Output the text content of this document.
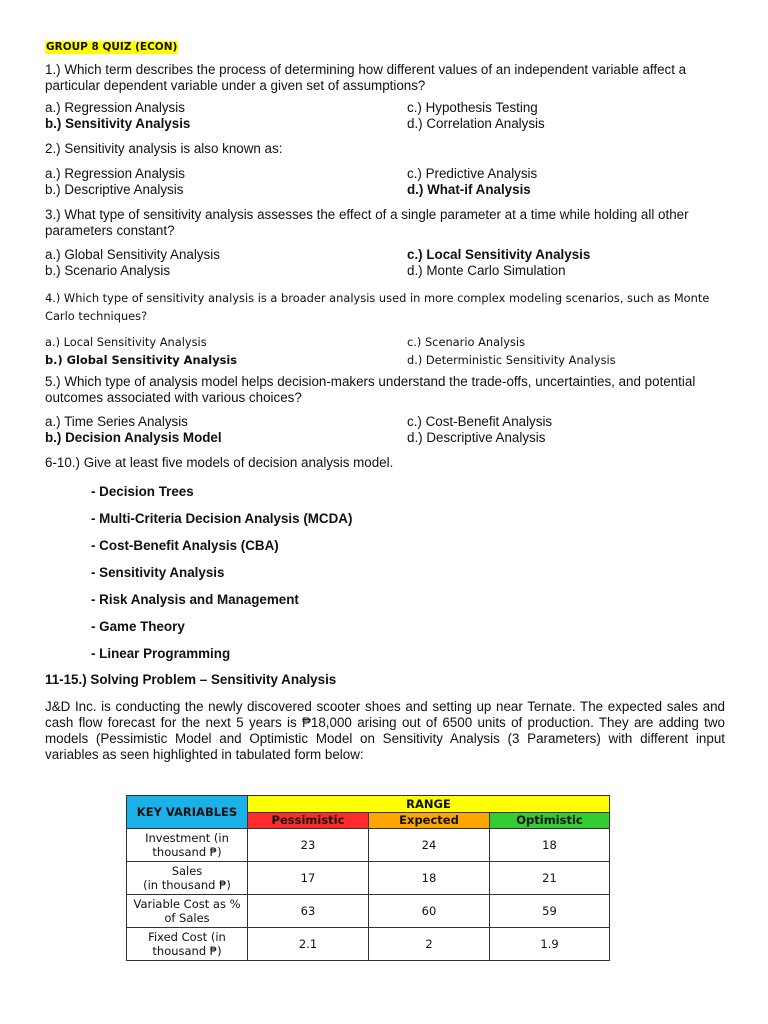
GROUP 8 QUIZ (ECON)

1.) Which term describes the process of determining how different values of an independent variable affect a particular dependent variable under a given set of assumptions?

a.) Regression Analysis	c.) Hypothesis Testing
b.) Sensitivity Analysis	d.) Correlation Analysis

2.) Sensitivity analysis is also known as:

a.) Regression Analysis	c.) Predictive Analysis
b.) Descriptive Analysis	d.) What-if Analysis

3.) What type of sensitivity analysis assesses the effect of a single parameter at a time while holding all other parameters constant?

a.) Global Sensitivity Analysis	c.) Local Sensitivity Analysis
b.) Scenario Analysis	d.) Monte Carlo Simulation

4.) Which type of sensitivity analysis is a broader analysis used in more complex modeling scenarios, such as Monte Carlo techniques?

a.) Local Sensitivity Analysis	c.) Scenario Analysis
b.) Global Sensitivity Analysis	d.) Deterministic Sensitivity Analysis

5.) Which type of analysis model helps decision-makers understand the trade-offs, uncertainties, and potential outcomes associated with various choices?

a.) Time Series Analysis	c.) Cost-Benefit Analysis
b.) Decision Analysis Model	d.) Descriptive Analysis

6-10.) Give at least five models of decision analysis model.

- Decision Trees
- Multi-Criteria Decision Analysis (MCDA)
- Cost-Benefit Analysis (CBA)
- Sensitivity Analysis
- Risk Analysis and Management
- Game Theory
- Linear Programming

11-15.) Solving Problem – Sensitivity Analysis

J&D Inc. is conducting the newly discovered scooter shoes and setting up near Ternate. The expected sales and cash flow forecast for the next 5 years is ₱18,000 arising out of 6500 units of production. They are adding two models (Pessimistic Model and Optimistic Model on Sensitivity Analysis (3 Parameters) with different input variables as seen highlighted in tabulated form below:

KEY VARIABLES	RANGE		
	Pessimistic	Expected	Optimistic
Investment (in
thousand ₱)	23	24	18
Sales
(in thousand ₱)	17	18	21
Variable Cost as %
of Sales	63	60	59
Fixed Cost (in
thousand ₱)	2.1	2	1.9
